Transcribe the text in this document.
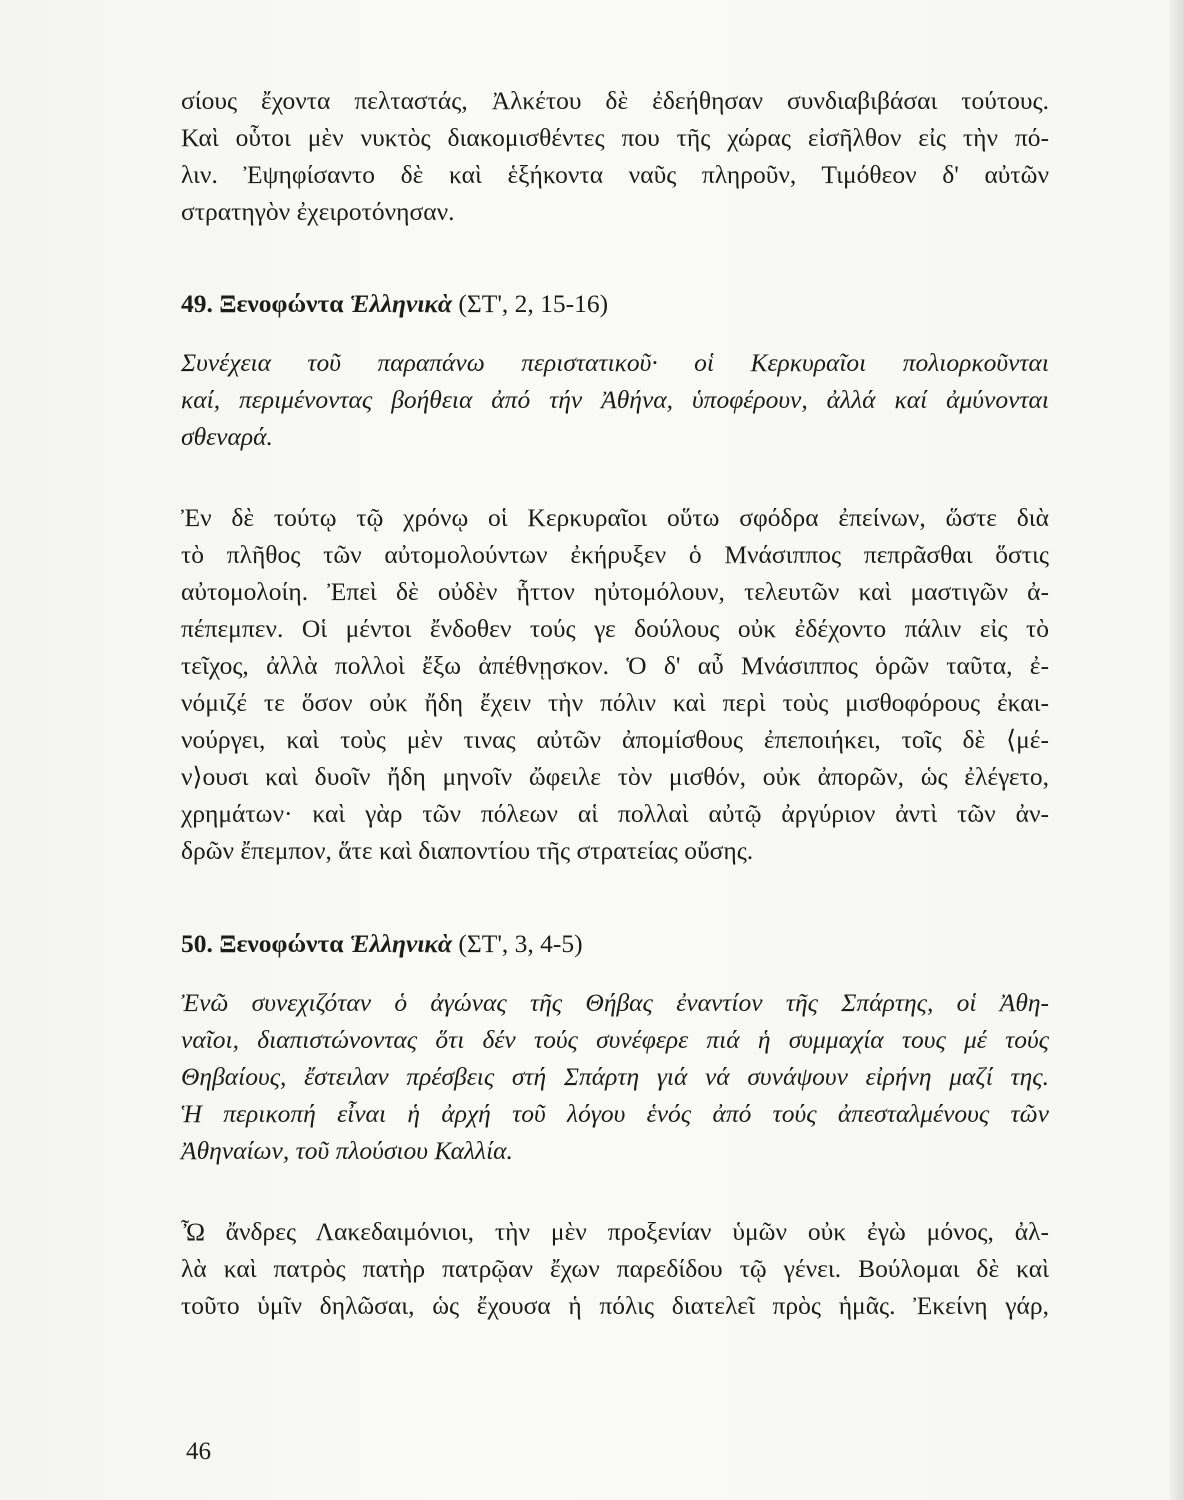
σίους ἔχοντα πελταστάς, Ἀλκέτου δὲ ἐδεήθησαν συνδιαβιβάσαι τούτους.
Καὶ οὗτοι μὲν νυκτὸς διακομισθέντες που τῆς χώρας εἰσῆλθον εἰς τὴν πό-
λιν. Ἐψηφίσαντο δὲ καὶ ἑξήκοντα ναῦς πληροῦν, Τιμόθεον δ' αὐτῶν
στρατηγὸν ἐχειροτόνησαν.
49. Ξενοφώντα Ἑλληνικὰ (ΣΤ', 2, 15-16)
Συνέχεια τοῦ παραπάνω περιστατικοῦ· οἱ Κερκυραῖοι πολιορκοῦνται
καί, περιμένοντας βοήθεια ἀπό τήν Ἀθήνα, ὑποφέρουν, ἀλλά καί ἀμύνονται
σθεναρά.
Ἐν δὲ τούτῳ τῷ χρόνῳ οἱ Κερκυραῖοι οὕτω σφόδρα ἐπείνων, ὥστε διὰ
τὸ πλῆθος τῶν αὐτομολούντων ἐκήρυξεν ὁ Μνάσιππος πεπρᾶσθαι ὅστις
αὐτομολοίη. Ἐπεὶ δὲ οὐδὲν ἧττον ηὐτομόλουν, τελευτῶν καὶ μαστιγῶν ἀ-
πέπεμπεν. Οἱ μέντοι ἔνδοθεν τούς γε δούλους οὐκ ἐδέχοντο πάλιν εἰς τὸ
τεῖχος, ἀλλὰ πολλοὶ ἔξω ἀπέθνῃσκον. Ὁ δ' αὖ Μνάσιππος ὁρῶν ταῦτα, ἐ-
νόμιζέ τε ὅσον οὐκ ἤδη ἔχειν τὴν πόλιν καὶ περὶ τοὺς μισθοφόρους ἐκαι-
νούργει, καὶ τοὺς μὲν τινας αὐτῶν ἀπομίσθους ἐπεποιήκει, τοῖς δὲ ⟨μέ-
ν⟩ουσι καὶ δυοῖν ἤδη μηνοῖν ὤφειλε τὸν μισθόν, οὐκ ἀπορῶν, ὡς ἐλέγετο,
χρημάτων· καὶ γὰρ τῶν πόλεων αἱ πολλαὶ αὐτῷ ἀργύριον ἀντὶ τῶν ἀν-
δρῶν ἔπεμπον, ἅτε καὶ διαποντίου τῆς στρατείας οὔσης.
50. Ξενοφώντα Ἑλληνικὰ (ΣΤ', 3, 4-5)
Ἐνῶ συνεχιζόταν ὁ ἀγώνας τῆς Θήβας ἐναντίον τῆς Σπάρτης, οἱ Ἀθη-
ναῖοι, διαπιστώνοντας ὅτι δέν τούς συνέφερε πιά ἡ συμμαχία τους μέ τούς
Θηβαίους, ἔστειλαν πρέσβεις στή Σπάρτη γιά νά συνάψουν εἰρήνη μαζί της.
Ἡ περικοπή εἶναι ἡ ἀρχή τοῦ λόγου ἑνός ἀπό τούς ἀπεσταλμένους τῶν
Ἀθηναίων, τοῦ πλούσιου Καλλία.
Ὦ ἄνδρες Λακεδαιμόνιοι, τὴν μὲν προξενίαν ὑμῶν οὐκ ἐγὼ μόνος, ἀλ-
λὰ καὶ πατρὸς πατὴρ πατρῷαν ἔχων παρεδίδου τῷ γένει. Βούλομαι δὲ καὶ
τοῦτο ὑμῖν δηλῶσαι, ὡς ἔχουσα ἡ πόλις διατελεῖ πρὸς ἡμᾶς. Ἐκείνη γάρ,
46
